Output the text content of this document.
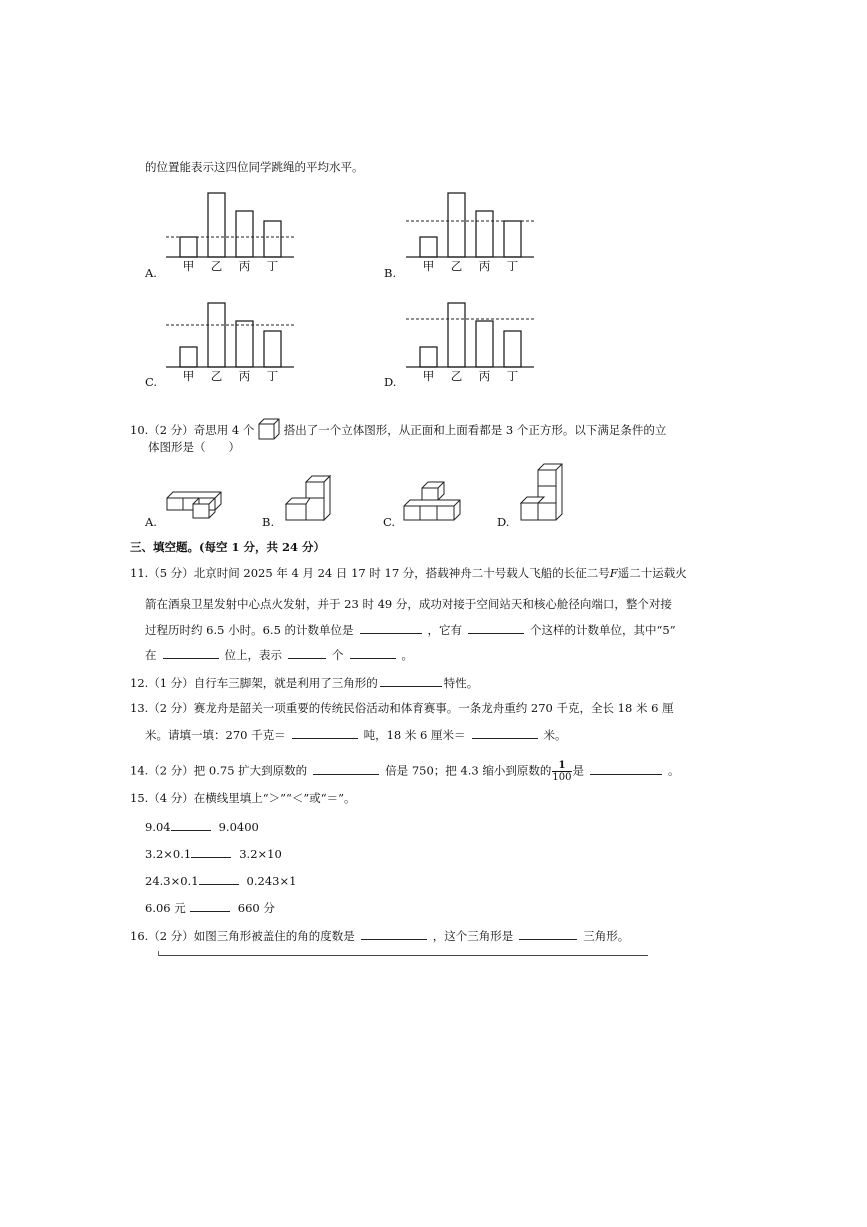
的位置能表示这四位同学跳绳的平均水平。
甲 乙 丙 丁	甲 乙 丙 丁
甲 乙 丙 丁	甲 乙 丙 丁
A.	B.
C.	D.
10.（2 分）奇思用 4 个	搭出了一个立体图形，从正面和上面看都是 3 个正方形。以下满足条件的立
体图形是（　　）
A.	B.	C.	D.
三、填空题。(每空 1 分，共 24 分）
11.（5 分）北京时间 2025 年 4 月 24 日 17 时 17 分，搭载神舟二十号载人飞船的长征二号F遥二十运载火
箭在酒泉卫星发射中心点火发射，并于 23 时 49 分，成功对接于空间站天和核心舱径向端口，整个对接
过程历时约 6.5 小时。6.5 的计数单位是	，它有	个这样的计数单位，其中“5”
在	位上，表示	个	。
12.（1 分）自行车三脚架，就是利用了三角形的	特性。
13.（2 分）赛龙舟是韶关一项重要的传统民俗活动和体育赛事。一条龙舟重约 270 千克，全长 18 米 6 厘
米。请填一填：270 千克＝	吨，18 米 6 厘米＝	米。
14.（2 分）把 0.75 扩大到原数的	倍是 750；把 4.3 缩小到原数的 $\frac{1}{100}$ 是	。
15.（4 分）在横线里填上“＞”“＜”或“＝”。
9.04	9.0400
3.2×0.1	3.2×10
24.3×0.1	0.243×1
6.06 元	660 分
16.（2 分）如图三角形被盖住的角的度数是	，这个三角形是	三角形。
